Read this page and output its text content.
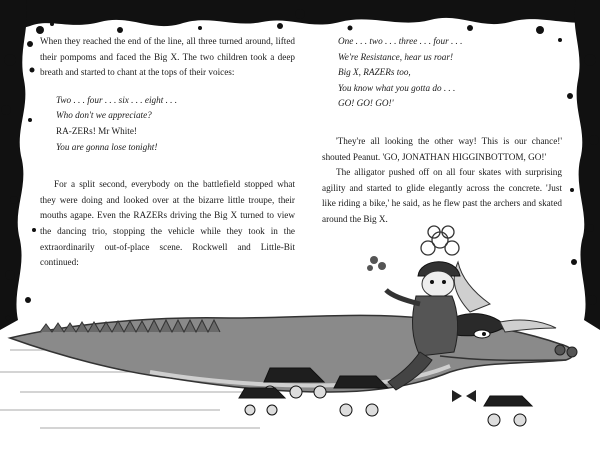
When they reached the end of the line, all three turned around, lifted their pompoms and faced the Big X. The two children took a deep breath and started to chant at the tops of their voices:

Two . . . four . . . six . . . eight . . .
Who don't we appreciate?
RA-ZERs! Mr White!
You are gonna lose tonight!

For a split second, everybody on the battlefield stopped what they were doing and looked over at the bizarre little troupe, their mouths agape. Even the RAZERs driving the Big X turned to view the dancing trio, stopping the vehicle while they took in the extraordinarily out-of-place scene. Rockwell and Little-Bit continued:

One . . . two . . . three . . . four . . .
We're Resistance, hear us roar!
Big X, RAZERs too,
You know what you gotta do . . .
GO! GO! GO!'

'They're all looking the other way! This is our chance!' shouted Peanut. 'GO, JONATHAN HIGGINBOTTOM, GO!'

The alligator pushed off on all four skates with surprising agility and started to glide elegantly across the concrete. 'Just like riding a bike,' he said, as he flew past the archers and skated around the Big X.
